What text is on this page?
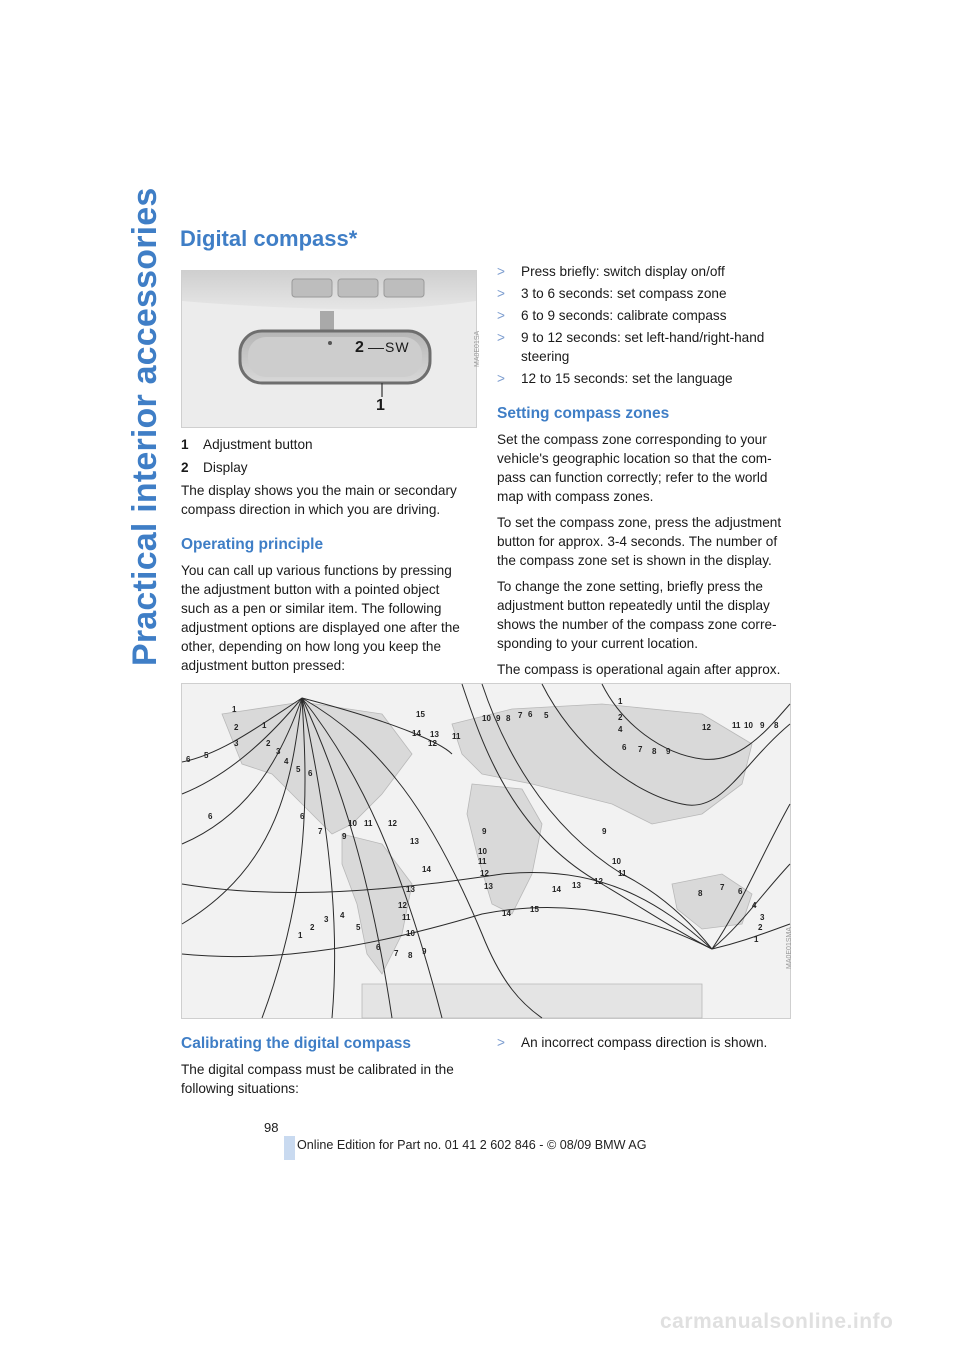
Practical interior accessories Digital compass*
2 SW
1
MA0E01SA
1	Adjustment button
2	Display

The display shows you the main or secondary compass direction in which you are driving.

Operating principle

You can call up various functions by pressing the adjustment button with a pointed object such as a pen or similar item. The following adjustment options are displayed one after the other, depending on how long you keep the adjustment button pressed:

>	Press briefly: switch display on/off
>	3 to 6 seconds: set compass zone
>	6 to 9 seconds: calibrate compass
>	9 to 12 seconds: set left-hand/right-hand steering
>	12 to 15 seconds: set the language
Setting compass zones

Set the compass zone corresponding to your vehicle's geographic location so that the com-pass can function correctly; refer to the world map with compass zones.

To set the compass zone, press the adjustment button for approx. 3-4 seconds. The number of the compass zone set is shown in the display.

To change the zone setting, briefly press the adjustment button repeatedly until the display shows the number of the compass zone corre-sponding to your current location.

The compass is operational again after approx.

1
2	1
2
3
3
5
6	4
5 6
6	6
7
9
15
14 13
12
11
10 9 8 7 6 5
1
2
4
6 7 8 9
12	11 10 9 8
9
10
11
12
13
14
14 15
9
10
11
12
13
6
7
8
4
3
2
1
1
2
3 4
5
6
7 8 9
10
11
12
13
14
12
13
11
10
MA0E01SMA
Calibrating the digital compass

The digital compass must be calibrated in the following situations:

>	An incorrect compass direction is shown.
98
Online Edition for Part no. 01 41 2 602 846 - © 08/09 BMW AG
carmanualsonline.info
